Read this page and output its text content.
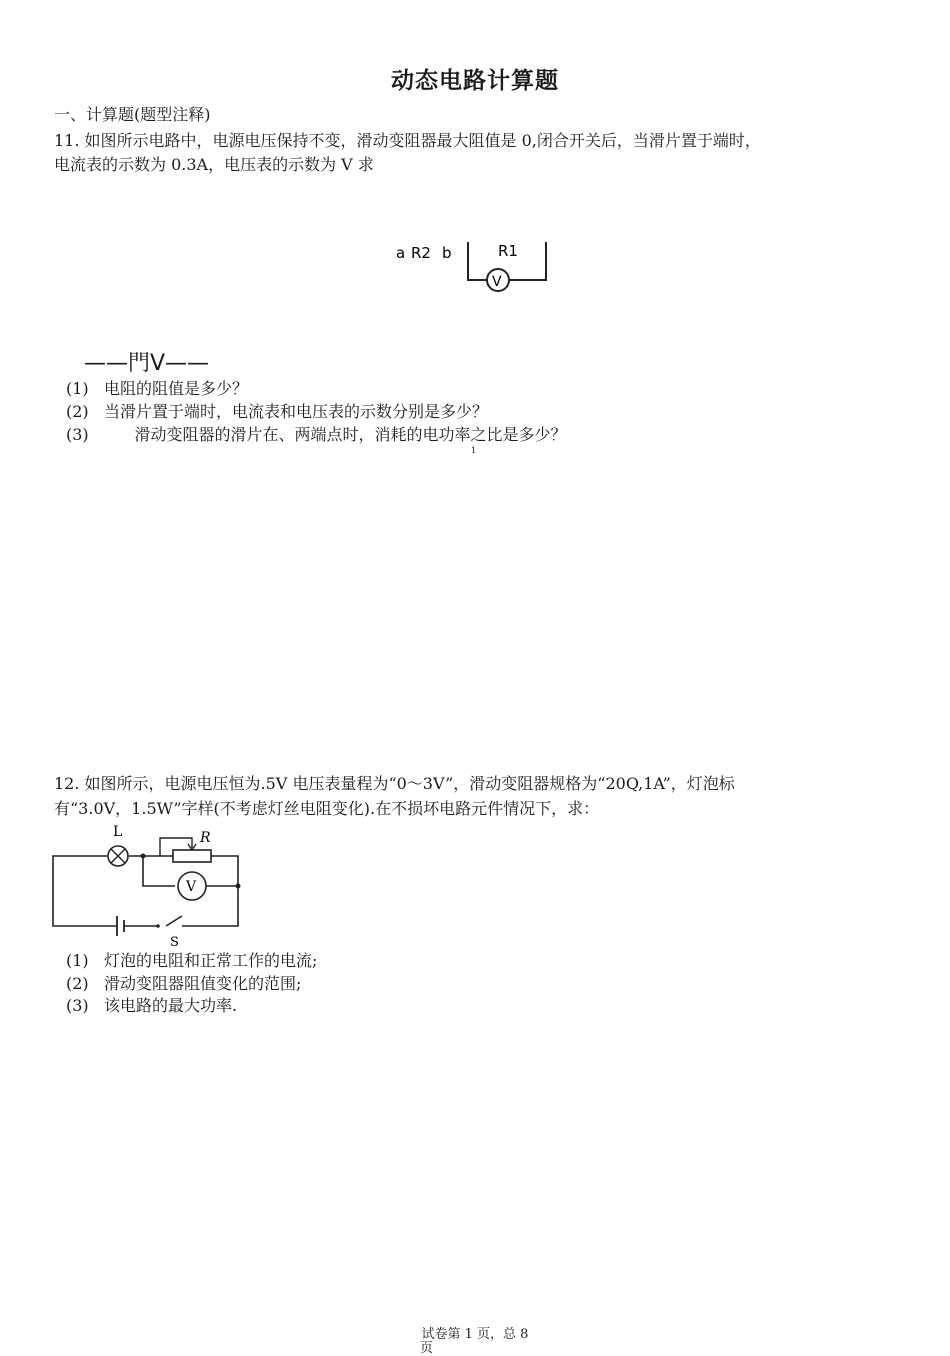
动态电路计算题
一、计算题(题型注释)
11. 如图所示电路中，电源电压保持不变，滑动变阻器最大阻值是 0,闭合开关后，当滑片置于端时，
电流表的示数为 0.3A，电压表的示数为 V 求
a R2 b	R1
V
——門V——
(1) 电阻的阻值是多少？
(2) 当滑片置于端时，电流表和电压表的示数分别是多少？
(3)      滑动变阻器的滑片在、两端点时，消耗的电功率之比是多少？
1
12. 如图所示，电源电压恒为.5V 电压表量程为“0～3V”，滑动变阻器规格为“20Q,1A”，灯泡标
有“3.0V，1.5W”字样(不考虑灯丝电阻变化).在不损坏电路元件情况下，求：
L	R
V
S
(1) 灯泡的电阻和正常工作的电流;
(2) 滑动变阻器阻值变化的范围;
(3) 该电路的最大功率.
试卷第 1 页，总 8
页
